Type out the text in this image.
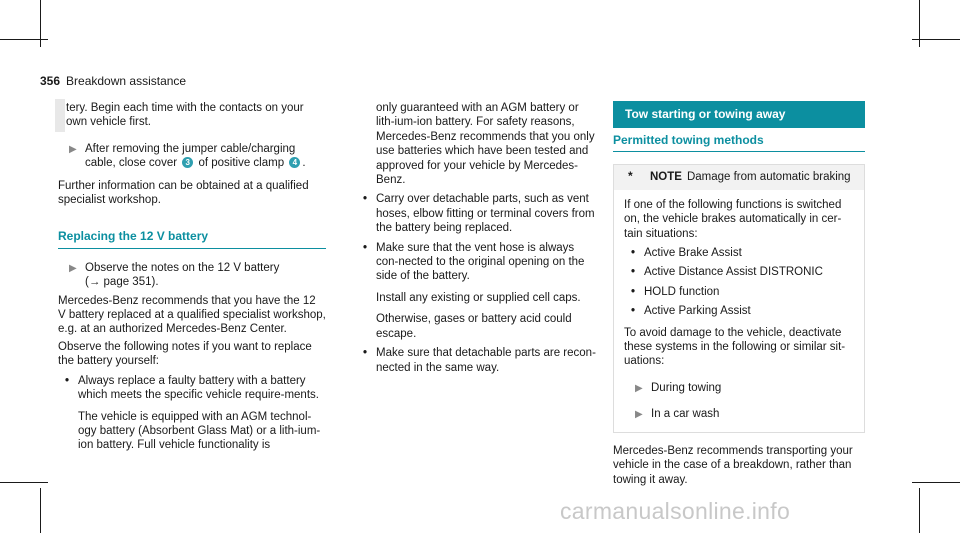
356 Breakdown assistance

tery. Begin each time with the contacts on your own vehicle first.

▶ After removing the jumper cable/charging cable, close cover 3 of positive clamp 4 .

Further information can be obtained at a qualified specialist workshop.

Replacing the 12 V battery
▶ Observe the notes on the 12 V battery
(→ page 351).

Mercedes-Benz recommends that you have the 12 V battery replaced at a qualified specialist workshop, e.g. at an authorized Mercedes-Benz Center.

Observe the following notes if you want to replace the battery yourself:

• Always replace a faulty battery with a battery which meets the specific vehicle require-ments.

The vehicle is equipped with an AGM technol-ogy battery (Absorbent Glass Mat) or a lith-ium-ion battery. Full vehicle functionality is

only guaranteed with an AGM battery or lith-ium-ion battery. For safety reasons, Mercedes-Benz recommends that you only use batteries which have been tested and approved for your vehicle by Mercedes-Benz.

• Carry over detachable parts, such as vent hoses, elbow fitting or terminal covers from the battery being replaced.
• Make sure that the vent hose is always con-nected to the original opening on the side of the battery.

Install any existing or supplied cell caps.

Otherwise, gases or battery acid could escape.

• Make sure that detachable parts are recon-nected in the same way.
Tow starting or towing away
Permitted towing methods
* NOTE Damage from automatic braking

If one of the following functions is switched on, the vehicle brakes automatically in cer-tain situations:

• Active Brake Assist
• Active Distance Assist DISTRONIC
• HOLD function
• Active Parking Assist

To avoid damage to the vehicle, deactivate these systems in the following or similar sit-uations:

▶ During towing
▶ In a car wash

Mercedes-Benz recommends transporting your vehicle in the case of a breakdown, rather than towing it away.

carmanualsonline.info
